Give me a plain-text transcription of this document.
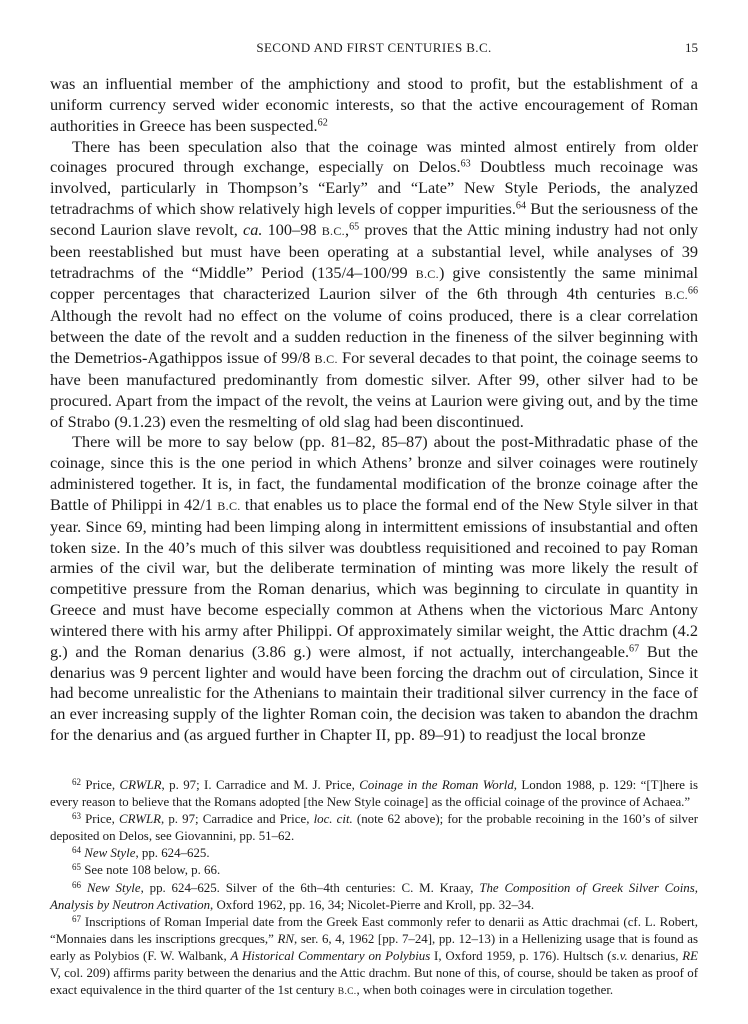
SECOND AND FIRST CENTURIES B.C.	15

was an influential member of the amphictiony and stood to profit, but the establishment of a uniform currency served wider economic interests, so that the active encouragement of Roman authorities in Greece has been suspected.$^{62}$

There has been speculation also that the coinage was minted almost entirely from older coinages procured through exchange, especially on Delos.$^{63}$ Doubtless much recoinage was involved, particularly in Thompson’s “Early” and “Late” New Style Periods, the analyzed tetradrachms of which show relatively high levels of copper impurities.$^{64}$ But the seriousness of the second Laurion slave revolt, ca. 100–98 B.C.,$^{65}$ proves that the Attic mining industry had not only been reestablished but must have been operating at a substantial level, while analyses of 39 tetradrachms of the “Middle” Period (135/4–100/99 B.C.) give consistently the same minimal copper percentages that characterized Laurion silver of the 6th through 4th centuries B.C.$^{66}$ Although the revolt had no effect on the volume of coins produced, there is a clear correlation between the date of the revolt and a sudden reduction in the fineness of the silver beginning with the Demetrios-Agathippos issue of 99/8 B.C. For several decades to that point, the coinage seems to have been manufactured predominantly from domestic silver. After 99, other silver had to be procured. Apart from the impact of the revolt, the veins at Laurion were giving out, and by the time of Strabo (9.1.23) even the resmelting of old slag had been discontinued.

There will be more to say below (pp. 81–82, 85–87) about the post-Mithradatic phase of the coinage, since this is the one period in which Athens’ bronze and silver coinages were routinely administered together. It is, in fact, the fundamental modification of the bronze coinage after the Battle of Philippi in 42/1 B.C. that enables us to place the formal end of the New Style silver in that year. Since 69, minting had been limping along in intermittent emissions of insubstantial and often token size. In the 40’s much of this silver was doubtless requisitioned and recoined to pay Roman armies of the civil war, but the deliberate termination of minting was more likely the result of competitive pressure from the Roman denarius, which was beginning to circulate in quantity in Greece and must have become especially common at Athens when the victorious Marc Antony wintered there with his army after Philippi. Of approximately similar weight, the Attic drachm (4.2 g.) and the Roman denarius (3.86 g.) were almost, if not actually, interchangeable.$^{67}$ But the denarius was 9 percent lighter and would have been forcing the drachm out of circulation, Since it had become unrealistic for the Athenians to maintain their traditional silver currency in the face of an ever increasing supply of the lighter Roman coin, the decision was taken to abandon the drachm for the denarius and (as argued further in Chapter II, pp. 89–91) to readjust the local bronze

$^{62}$ Price, CRWLR, p. 97; I. Carradice and M. J. Price, Coinage in the Roman World, London 1988, p. 129: “[T]here is every reason to believe that the Romans adopted [the New Style coinage] as the official coinage of the province of Achaea.”

$^{63}$ Price, CRWLR, p. 97; Carradice and Price, loc. cit. (note 62 above); for the probable recoining in the 160’s of silver deposited on Delos, see Giovannini, pp. 51–62.

$^{64}$ New Style, pp. 624–625.

$^{65}$ See note 108 below, p. 66.

$^{66}$ New Style, pp. 624–625. Silver of the 6th–4th centuries: C. M. Kraay, The Composition of Greek Silver Coins, Analysis by Neutron Activation, Oxford 1962, pp. 16, 34; Nicolet-Pierre and Kroll, pp. 32–34.

$^{67}$ Inscriptions of Roman Imperial date from the Greek East commonly refer to denarii as Attic drachmai (cf. L. Robert, “Monnaies dans les inscriptions grecques,” RN, ser. 6, 4, 1962 [pp. 7–24], pp. 12–13) in a Hellenizing usage that is found as early as Polybios (F. W. Walbank, A Historical Commentary on Polybius I, Oxford 1959, p. 176). Hultsch (s.v. denarius, RE V, col. 209) affirms parity between the denarius and the Attic drachm. But none of this, of course, should be taken as proof of exact equivalence in the third quarter of the 1st century B.C., when both coinages were in circulation together.
